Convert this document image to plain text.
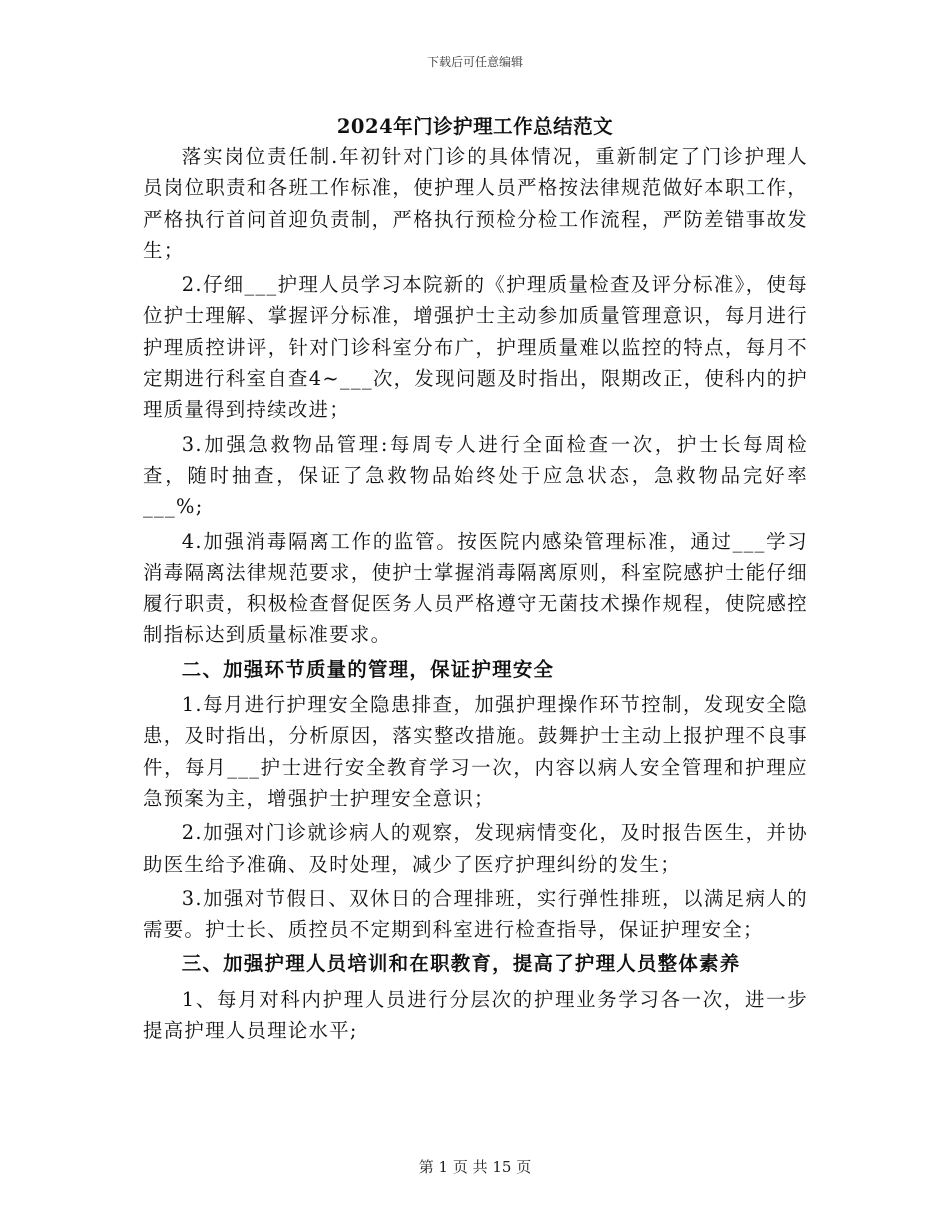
下载后可任意编辑
2024年门诊护理工作总结范文

落实岗位责任制.年初针对门诊的具体情况，重新制定了门诊护理人员岗位职责和各班工作标准，使护理人员严格按法律规范做好本职工作，严格执行首问首迎负责制，严格执行预检分检工作流程，严防差错事故发生；

2.仔细___护理人员学习本院新的《护理质量检查及评分标准》，使每位护士理解、掌握评分标准，增强护士主动参加质量管理意识，每月进行护理质控讲评，针对门诊科室分布广，护理质量难以监控的特点，每月不定期进行科室自查4~___次，发现问题及时指出，限期改正，使科内的护理质量得到持续改进；

3.加强急救物品管理:每周专人进行全面检查一次，护士长每周检查，随时抽查，保证了急救物品始终处于应急状态，急救物品完好率___%;

4.加强消毒隔离工作的监管。按医院内感染管理标准，通过___学习消毒隔离法律规范要求，使护士掌握消毒隔离原则，科室院感护士能仔细履行职责，积极检查督促医务人员严格遵守无菌技术操作规程，使院感控制指标达到质量标准要求。

二、加强环节质量的管理，保证护理安全

1.每月进行护理安全隐患排查，加强护理操作环节控制，发现安全隐患，及时指出，分析原因，落实整改措施。鼓舞护士主动上报护理不良事件，每月___护士进行安全教育学习一次，内容以病人安全管理和护理应急预案为主，增强护士护理安全意识；

2.加强对门诊就诊病人的观察，发现病情变化，及时报告医生，并协助医生给予准确、及时处理，减少了医疗护理纠纷的发生；

3.加强对节假日、双休日的合理排班，实行弹性排班，以满足病人的需要。护士长、质控员不定期到科室进行检查指导，保证护理安全；

三、加强护理人员培训和在职教育，提高了护理人员整体素养

1、每月对科内护理人员进行分层次的护理业务学习各一次，进一步提高护理人员理论水平;

第 1 页 共 15 页
